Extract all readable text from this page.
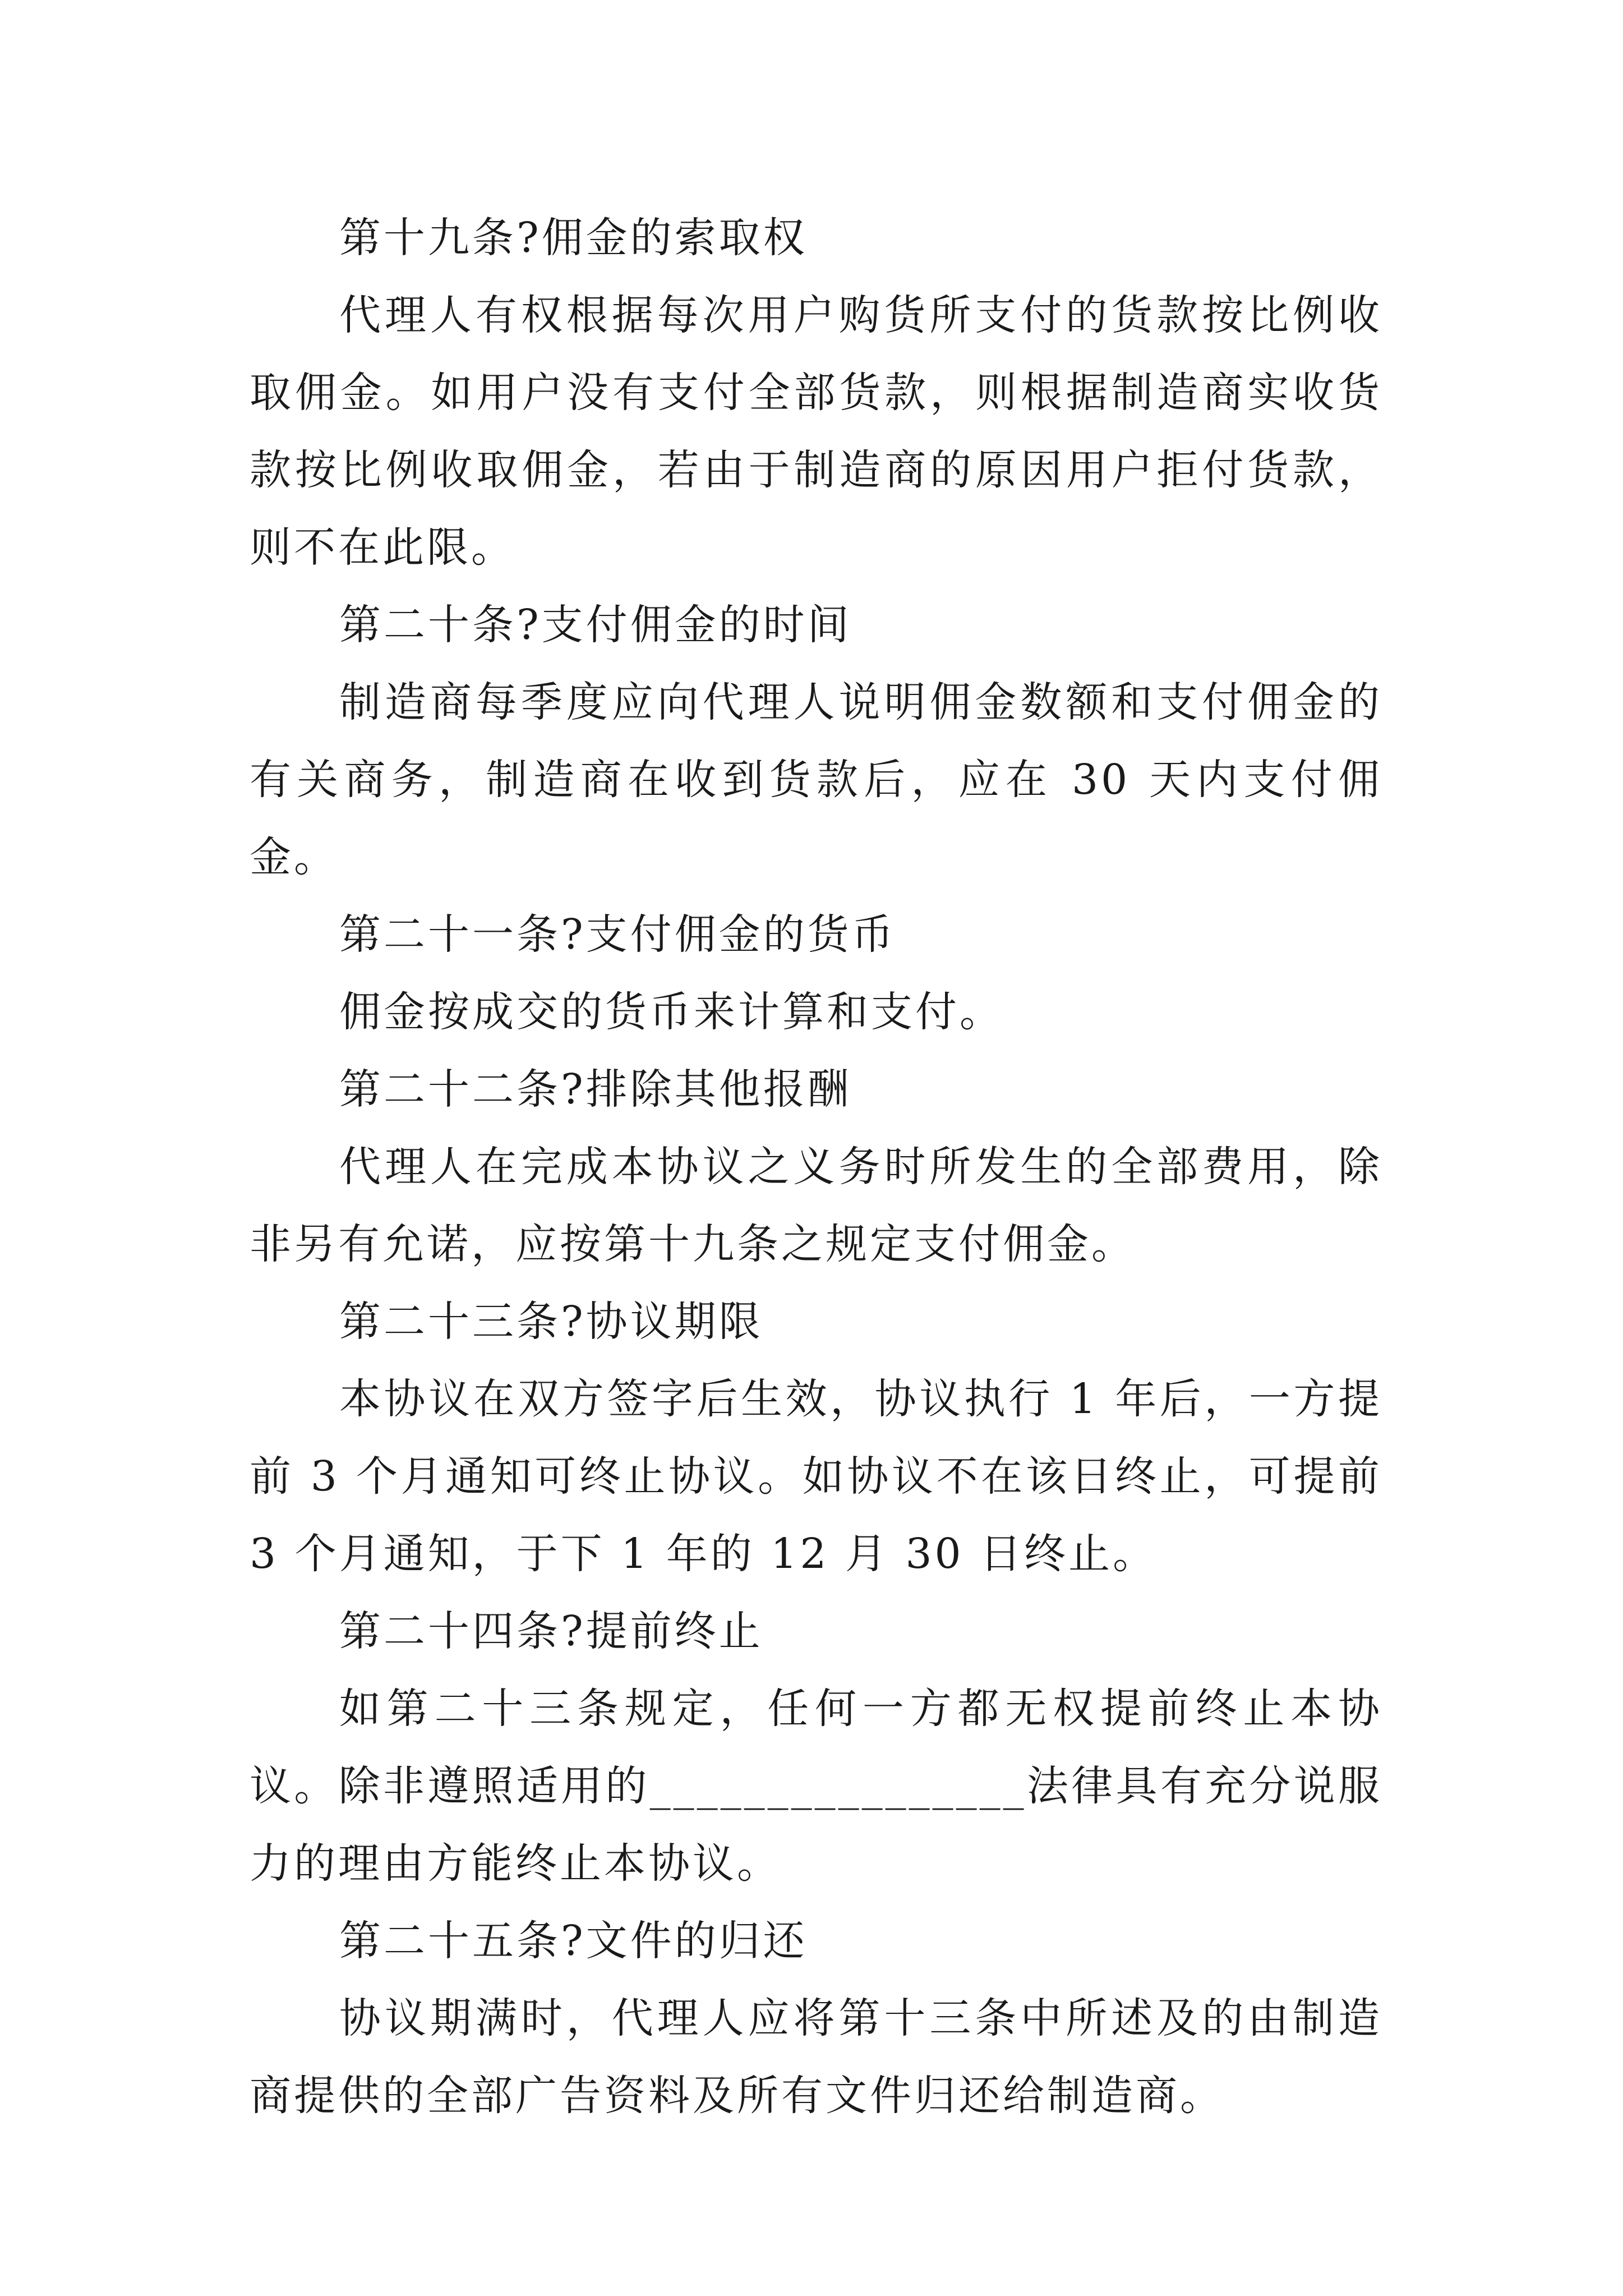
第十九条?佣金的索取权

代理人有权根据每次用户购货所支付的货款按比例收取佣金。如用户没有支付全部货款，则根据制造商实收货款按比例收取佣金，若由于制造商的原因用户拒付货款，则不在此限。

第二十条?支付佣金的时间

制造商每季度应向代理人说明佣金数额和支付佣金的有关商务，制造商在收到货款后，应在 30 天内支付佣金。

第二十一条?支付佣金的货币

佣金按成交的货币来计算和支付。

第二十二条?排除其他报酬

代理人在完成本协议之义务时所发生的全部费用，除非另有允诺，应按第十九条之规定支付佣金。

第二十三条?协议期限

本协议在双方签字后生效，协议执行 1 年后，一方提前 3 个月通知可终止协议。如协议不在该日终止，可提前 3 个月通知，于下 1 年的 12 月 30 日终止。

第二十四条?提前终止

如第二十三条规定，任何一方都无权提前终止本协议。除非遵照适用的________________法律具有充分说服力的理由方能终止本协议。

第二十五条?文件的归还

协议期满时，代理人应将第十三条中所述及的由制造商提供的全部广告资料及所有文件归还给制造商。
